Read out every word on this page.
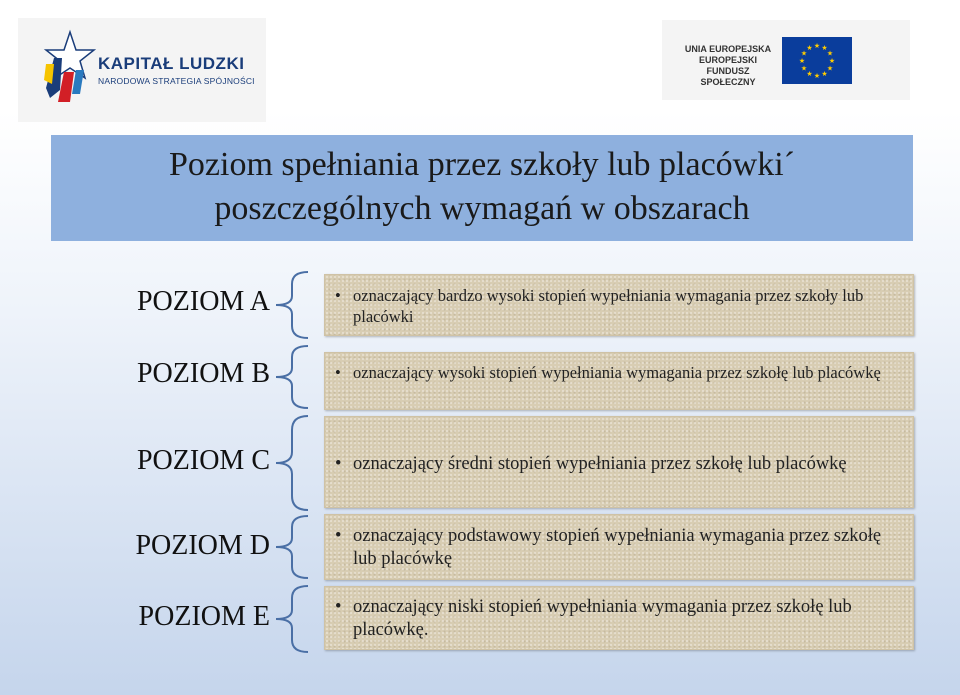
KAPITAŁ LUDZKI
NARODOWA STRATEGIA SPÓJNOŚCI
UNIA EUROPEJSKA
EUROPEJSKI
FUNDUSZ SPOŁECZNY
★
★
★
★
★
★
★
★
★ ★ ★
★
Poziom spełniania przez szkoły lub placówki´
poszczególnych wymagań w obszarach
POZIOM A
POZIOM B
POZIOM C
POZIOM D
POZIOM E
• oznaczający bardzo wysoki stopień wypełniania wymagania przez szkoły lub placówki
• oznaczający wysoki stopień wypełniania wymagania przez szkołę lub placówkę
• oznaczający średni stopień wypełniania przez szkołę lub placówkę
• oznaczający podstawowy stopień wypełniania wymagania przez szkołę lub placówkę
• oznaczający niski stopień wypełniania wymagania przez szkołę lub placówkę.
